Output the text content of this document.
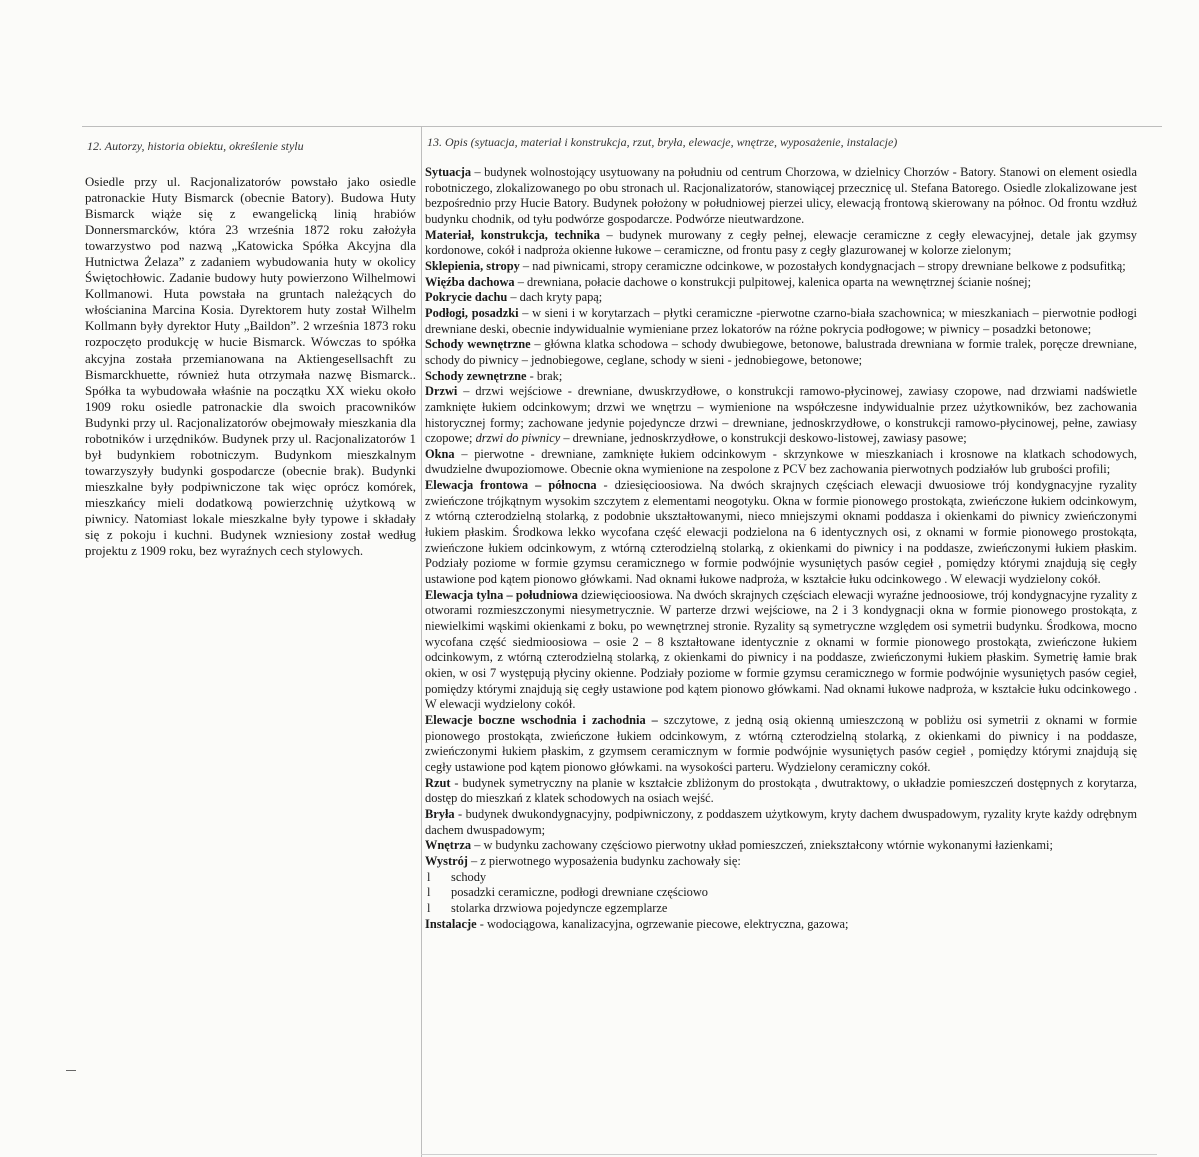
12. Autorzy, historia obiektu, określenie stylu
Osiedle przy ul. Racjonalizatorów powstało jako osiedle patronackie Huty Bismarck (obecnie Batory). Budowa Huty Bismarck wiąże się z ewangelicką linią hrabiów Donnersmarcków, która 23 września 1872 roku założyła towarzystwo pod nazwą „Katowicka Spółka Akcyjna dla Hutnictwa Żelaza” z zadaniem wybudowania huty w okolicy Świętochłowic. Zadanie budowy huty powierzono Wilhelmowi Kollmanowi. Huta powstała na gruntach należących do włościanina Marcina Kosia. Dyrektorem huty został Wilhelm Kollmann były dyrektor Huty „Baildon”. 2 września 1873 roku rozpoczęto produkcję w hucie Bismarck. Wówczas to spółka akcyjna została przemianowana na Aktiengesellsachft zu Bismarckhuette, również huta otrzymała nazwę Bismarck.. Spółka ta wybudowała właśnie na początku XX wieku około 1909 roku osiedle patronackie dla swoich pracowników Budynki przy ul. Racjonalizatorów obejmowały mieszkania dla robotników i urzędników. Budynek przy ul. Racjonalizatorów 1 był budynkiem robotniczym. Budynkom mieszkalnym towarzyszyły budynki gospodarcze (obecnie brak). Budynki mieszkalne były podpiwniczone tak więc oprócz komórek, mieszkańcy mieli dodatkową powierzchnię użytkową w piwnicy. Natomiast lokale mieszkalne były typowe i składały się z pokoju i kuchni. Budynek wzniesiony został według projektu z 1909 roku, bez wyraźnych cech stylowych.
13. Opis (sytuacja, materiał i konstrukcja, rzut, bryła, elewacje, wnętrze, wyposażenie, instalacje)

Sytuacja – budynek wolnostojący usytuowany na południu od centrum Chorzowa, w dzielnicy Chorzów - Batory. Stanowi on element osiedla robotniczego, zlokalizowanego po obu stronach ul. Racjonalizatorów, stanowiącej przecznicę ul. Stefana Batorego. Osiedle zlokalizowane jest bezpośrednio przy Hucie Batory. Budynek położony w południowej pierzei ulicy, elewacją frontową skierowany na północ. Od frontu wzdłuż budynku chodnik, od tyłu podwórze gospodarcze. Podwórze nieutwardzone.

Materiał, konstrukcja, technika – budynek murowany z cegły pełnej, elewacje ceramiczne z cegły elewacyjnej, detale jak gzymsy kordonowe, cokół i nadproża okienne łukowe – ceramiczne, od frontu pasy z cegły glazurowanej w kolorze zielonym;

Sklepienia, stropy – nad piwnicami, stropy ceramiczne odcinkowe, w pozostałych kondygnacjach – stropy drewniane belkowe z podsufitką;

Więźba dachowa – drewniana, połacie dachowe o konstrukcji pulpitowej, kalenica oparta na wewnętrznej ścianie nośnej;

Pokrycie dachu – dach kryty papą;

Podłogi, posadzki – w sieni i w korytarzach – płytki ceramiczne -pierwotne czarno-biała szachownica; w mieszkaniach – pierwotnie podłogi drewniane deski, obecnie indywidualnie wymieniane przez lokatorów na różne pokrycia podłogowe; w piwnicy – posadzki betonowe;

Schody wewnętrzne – główna klatka schodowa – schody dwubiegowe, betonowe, balustrada drewniana w formie tralek, poręcze drewniane, schody do piwnicy – jednobiegowe, ceglane, schody w sieni - jednobiegowe, betonowe;

Schody zewnętrzne - brak;

Drzwi – drzwi wejściowe - drewniane, dwuskrzydłowe, o konstrukcji ramowo-płycinowej, zawiasy czopowe, nad drzwiami nadświetle zamknięte łukiem odcinkowym; drzwi we wnętrzu – wymienione na współczesne indywidualnie przez użytkowników, bez zachowania historycznej formy; zachowane jedynie pojedyncze drzwi – drewniane, jednoskrzydłowe, o konstrukcji ramowo-płycinowej, pełne, zawiasy czopowe; drzwi do piwnicy – drewniane, jednoskrzydłowe, o konstrukcji deskowo-listowej, zawiasy pasowe;

Okna – pierwotne - drewniane, zamknięte łukiem odcinkowym - skrzynkowe w mieszkaniach i krosnowe na klatkach schodowych, dwudzielne dwupoziomowe. Obecnie okna wymienione na zespolone z PCV bez zachowania pierwotnych podziałów lub grubości profili;

Elewacja frontowa – północna - dziesięcioosiowa. Na dwóch skrajnych częściach elewacji dwuosiowe trój kondygnacyjne ryzality zwieńczone trójkątnym wysokim szczytem z elementami neogotyku. Okna w formie pionowego prostokąta, zwieńczone łukiem odcinkowym, z wtórną czterodzielną stolarką, z podobnie ukształtowanymi, nieco mniejszymi oknami poddasza i okienkami do piwnicy zwieńczonymi łukiem płaskim. Środkowa lekko wycofana część elewacji podzielona na 6 identycznych osi, z oknami w formie pionowego prostokąta, zwieńczone łukiem odcinkowym, z wtórną czterodzielną stolarką, z okienkami do piwnicy i na poddasze, zwieńczonymi łukiem płaskim. Podziały poziome w formie gzymsu ceramicznego w formie podwójnie wysuniętych pasów cegieł , pomiędzy którymi znajdują się cegły ustawione pod kątem pionowo główkami. Nad oknami łukowe nadproża, w kształcie łuku odcinkowego . W elewacji wydzielony cokół.

Elewacja tylna – południowa dziewięcioosiowa. Na dwóch skrajnych częściach elewacji wyraźne jednoosiowe, trój kondygnacyjne ryzality z otworami rozmieszczonymi niesymetrycznie. W parterze drzwi wejściowe, na 2 i 3 kondygnacji okna w formie pionowego prostokąta, z niewielkimi wąskimi okienkami z boku, po wewnętrznej stronie. Ryzality są symetryczne względem osi symetrii budynku. Środkowa, mocno wycofana część siedmioosiowa – osie 2 – 8 kształtowane identycznie z oknami w formie pionowego prostokąta, zwieńczone łukiem odcinkowym, z wtórną czterodzielną stolarką, z okienkami do piwnicy i na poddasze, zwieńczonymi łukiem płaskim. Symetrię łamie brak okien, w osi 7 występują płyciny okienne. Podziały poziome w formie gzymsu ceramicznego w formie podwójnie wysuniętych pasów cegieł, pomiędzy którymi znajdują się cegły ustawione pod kątem pionowo główkami. Nad oknami łukowe nadproża, w kształcie łuku odcinkowego . W elewacji wydzielony cokół.

Elewacje boczne wschodnia i zachodnia – szczytowe, z jedną osią okienną umieszczoną w pobliżu osi symetrii z oknami w formie pionowego prostokąta, zwieńczone łukiem odcinkowym, z wtórną czterodzielną stolarką, z okienkami do piwnicy i na poddasze, zwieńczonymi łukiem płaskim, z gzymsem ceramicznym w formie podwójnie wysuniętych pasów cegieł , pomiędzy którymi znajdują się cegły ustawione pod kątem pionowo główkami. na wysokości parteru. Wydzielony ceramiczny cokół.

Rzut - budynek symetryczny na planie w kształcie zbliżonym do prostokąta , dwutraktowy, o układzie pomieszczeń dostępnych z korytarza, dostęp do mieszkań z klatek schodowych na osiach wejść.

Bryła - budynek dwukondygnacyjny, podpiwniczony, z poddaszem użytkowym, kryty dachem dwuspadowym, ryzality kryte każdy odrębnym dachem dwuspadowym;

Wnętrza – w budynku zachowany częściowo pierwotny układ pomieszczeń, zniekształcony wtórnie wykonanymi łazienkami;

Wystrój – z pierwotnego wyposażenia budynku zachowały się:

l schody
l posadzki ceramiczne, podłogi drewniane częściowo
l stolarka drzwiowa pojedyncze egzemplarze

Instalacje - wodociągowa, kanalizacyjna, ogrzewanie piecowe, elektryczna, gazowa;
